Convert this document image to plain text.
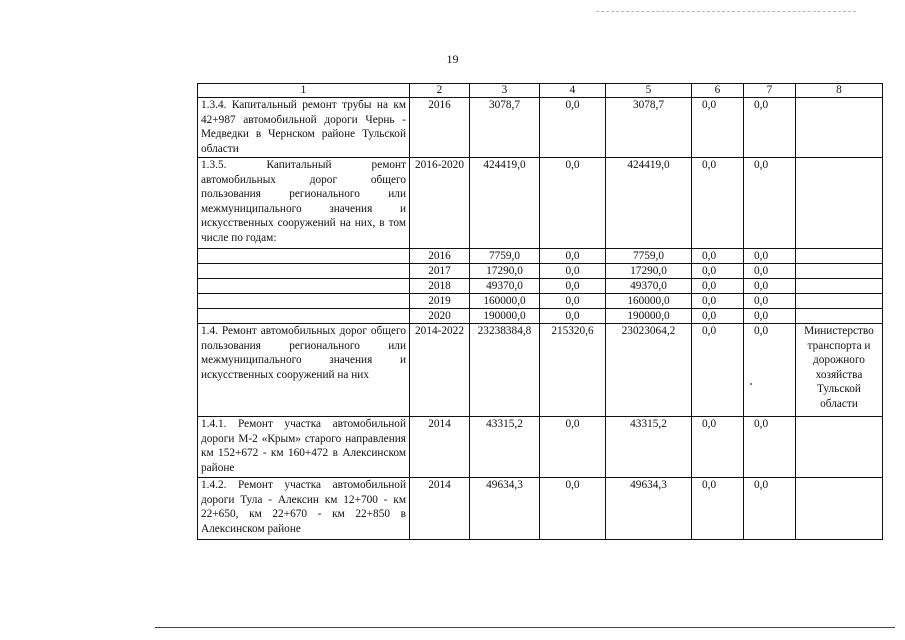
19
1	2	3	4	5	6	7	8
1.3.4. Капитальный ремонт трубы на км 42+987 автомобильной дороги Чернь - Медведки в Чернском районе Тульской области	2016	3078,7	0,0	3078,7	0,0	0,0	
1.3.5. Капитальный ремонт автомобильных дорог общего пользования регионального или межмуниципального значения и искусственных сооружений на них, в том числе по годам:	2016-2020	424419,0	0,0	424419,0	0,0	0,0	
	2016	7759,0	0,0	7759,0	0,0	0,0	
	2017	17290,0	0,0	17290,0	0,0	0,0	
	2018	49370,0	0,0	49370,0	0,0	0,0	
	2019	160000,0	0,0	160000,0	0,0	0,0	
	2020	190000,0	0,0	190000,0	0,0	0,0	
1.4. Ремонт автомобильных дорог общего пользования регионального или межмуниципального значения и искусственных сооружений на них	2014-2022	23238384,8	215320,6	23023064,2	0,0	0,0	Министерство транспорта и дорожного хозяйства Тульской области
1.4.1. Ремонт участка автомобильной дороги М-2 «Крым» старого направления км 152+672 - км 160+472 в Алексинском районе	2014	43315,2	0,0	43315,2	0,0	0,0	
1.4.2. Ремонт участка автомобильной дороги Тула - Алексин км 12+700 - км 22+650, км 22+670 - км 22+850 в Алексинском районе	2014	49634,3	0,0	49634,3	0,0	0,0	
